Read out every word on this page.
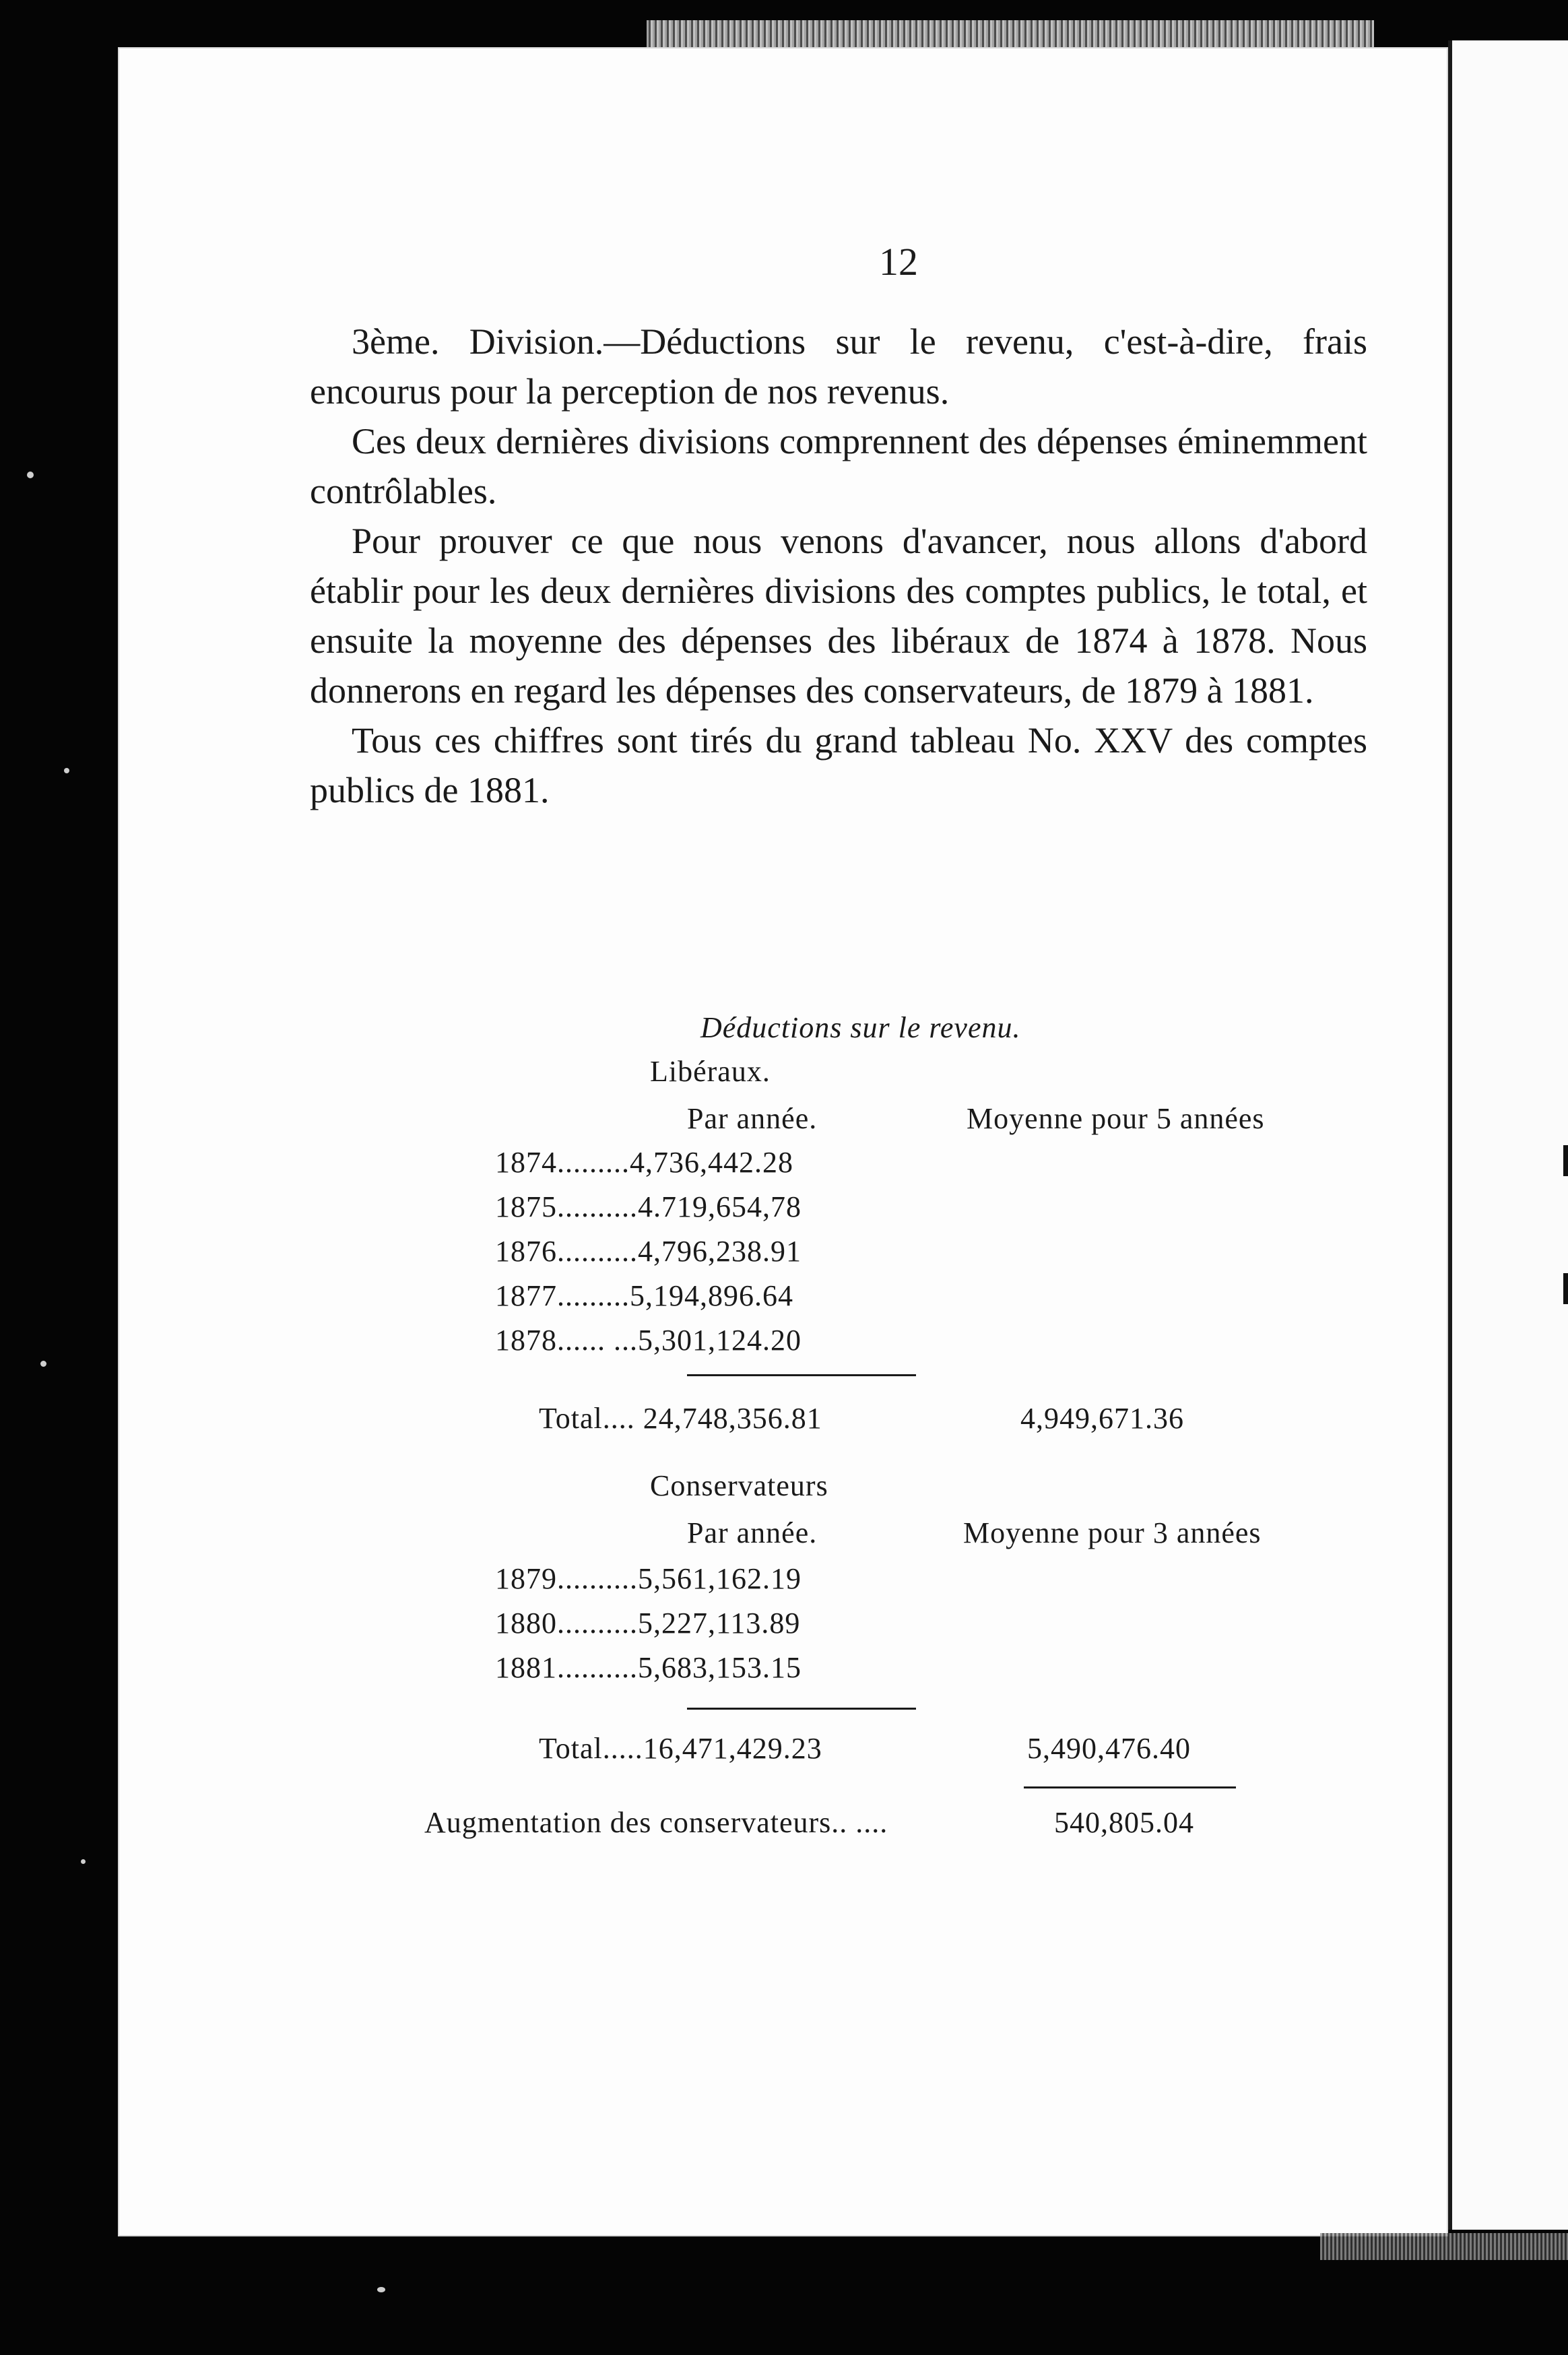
12

3ème. Division.—Déductions sur le revenu, c'est-à-dire, frais encourus pour la perception de nos revenus.

Ces deux dernières divisions comprennent des dépenses éminemment contrôlables.

Pour prouver ce que nous venons d'avancer, nous allons d'abord établir pour les deux dernières divisions des comptes publics, le total, et ensuite la moyenne des dépenses des libéraux de 1874 à 1878. Nous donnerons en regard les dépenses des conservateurs, de 1879 à 1881.

Tous ces chiffres sont tirés du grand tableau No. XXV des comptes publics de 1881.

Déductions sur le revenu.
Libéraux.
Par année.	Moyenne pour 5 années
1874.........4,736,442.28
1875..........4.719,654,78
1876..........4,796,238.91
1877.........5,194,896.64
1878...... ...5,301,124.20
Total.... 24,748,356.81	4,949,671.36
Conservateurs
Par année.	Moyenne pour 3 années
1879..........5,561,162.19
1880..........5,227,113.89
1881..........5,683,153.15
Total.....16,471,429.23	5,490,476.40
Augmentation des conservateurs.. ....	540,805.04
